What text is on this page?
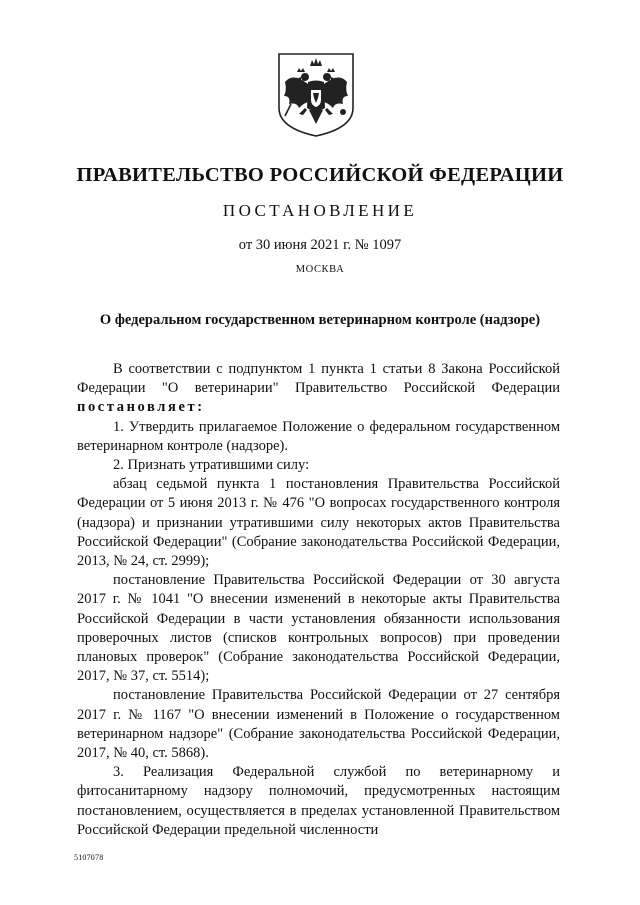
ПРАВИТЕЛЬСТВО РОССИЙСКОЙ ФЕДЕРАЦИИ
ПОСТАНОВЛЕНИЕ
от 30 июня 2021 г. № 1097
МОСКВА
О федеральном государственном ветеринарном контроле (надзоре)

В соответствии с подпунктом 1 пункта 1 статьи 8 Закона Российской Федерации "О ветеринарии" Правительство Российской Федерации постановляет:

1. Утвердить прилагаемое Положение о федеральном государственном ветеринарном контроле (надзоре).

2. Признать утратившими силу:

абзац седьмой пункта 1 постановления Правительства Российской Федерации от 5 июня 2013 г. № 476 "О вопросах государственного контроля (надзора) и признании утратившими силу некоторых актов Правительства Российской Федерации" (Собрание законодательства Российской Федерации, 2013, № 24, ст. 2999);

постановление Правительства Российской Федерации от 30 августа 2017 г. № 1041 "О внесении изменений в некоторые акты Правительства Российской Федерации в части установления обязанности использования проверочных листов (списков контрольных вопросов) при проведении плановых проверок" (Собрание законодательства Российской Федерации, 2017, № 37, ст. 5514);

постановление Правительства Российской Федерации от 27 сентября 2017 г. № 1167 "О внесении изменений в Положение о государственном ветеринарном надзоре" (Собрание законодательства Российской Федерации, 2017, № 40, ст. 5868).

3. Реализация Федеральной службой по ветеринарному и фитосанитарному надзору полномочий, предусмотренных настоящим постановлением, осуществляется в пределах установленной Правительством Российской Федерации предельной численности

5107078
